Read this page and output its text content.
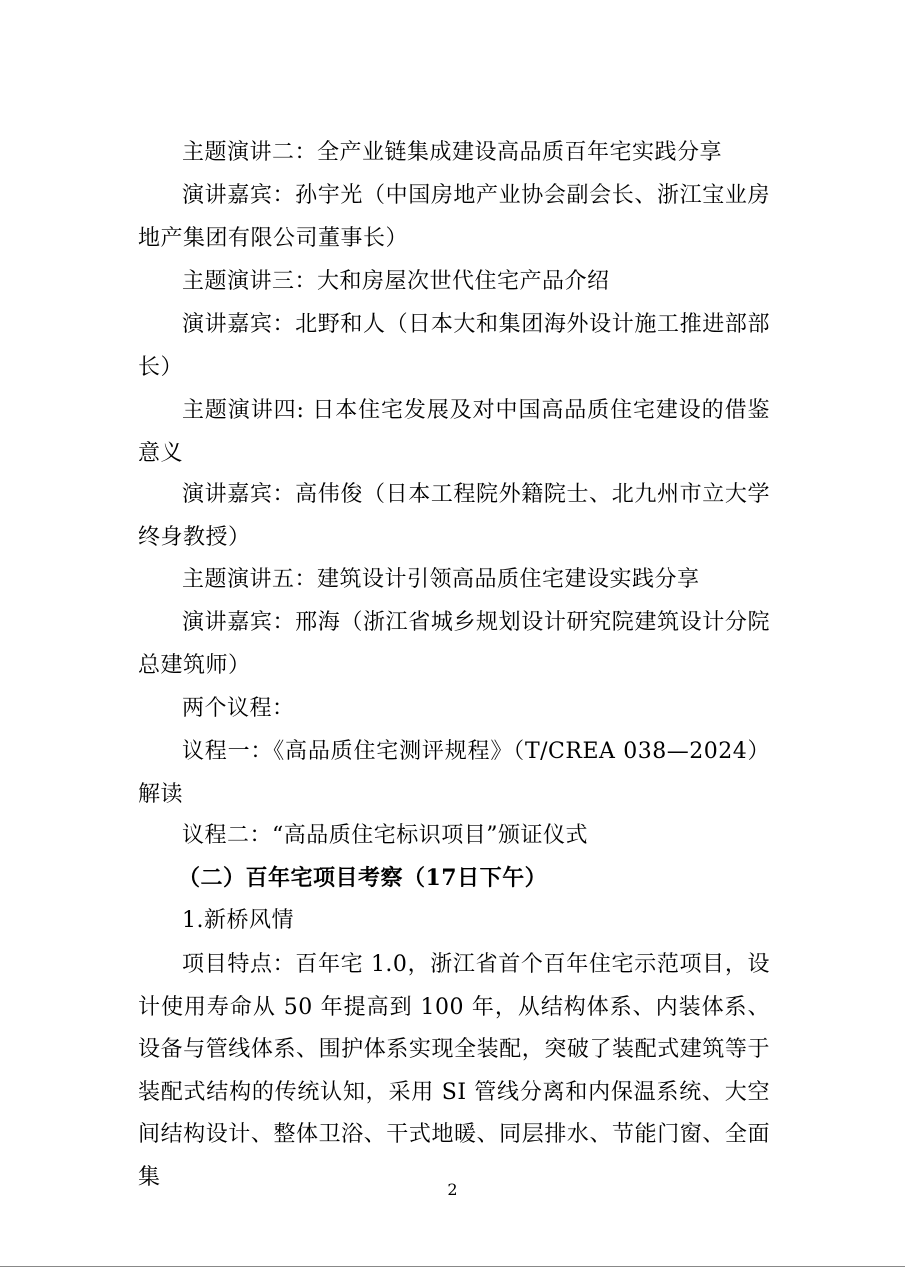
主题演讲二：全产业链集成建设高品质百年宅实践分享

演讲嘉宾：孙宇光（中国房地产业协会副会长、浙江宝业房地产集团有限公司董事长）

主题演讲三：大和房屋次世代住宅产品介绍

演讲嘉宾：北野和人（日本大和集团海外设计施工推进部部长）

主题演讲四: 日本住宅发展及对中国高品质住宅建设的借鉴意义

演讲嘉宾：高伟俊（日本工程院外籍院士、北九州市立大学终身教授）

主题演讲五：建筑设计引领高品质住宅建设实践分享

演讲嘉宾：邢海（浙江省城乡规划设计研究院建筑设计分院总建筑师）

两个议程：

议程一：《高品质住宅测评规程》（T/CREA 038—2024）解读

议程二：“高品质住宅标识项目”颁证仪式

（二）百年宅项目考察（17日下午）

1.新桥风情

项目特点：百年宅 1.0，浙江省首个百年住宅示范项目，设计使用寿命从 50 年提高到 100 年，从结构体系、内装体系、设备与管线体系、围护体系实现全装配，突破了装配式建筑等于装配式结构的传统认知，采用 SI 管线分离和内保温系统、大空间结构设计、整体卫浴、干式地暖、同层排水、节能门窗、全面集	2
